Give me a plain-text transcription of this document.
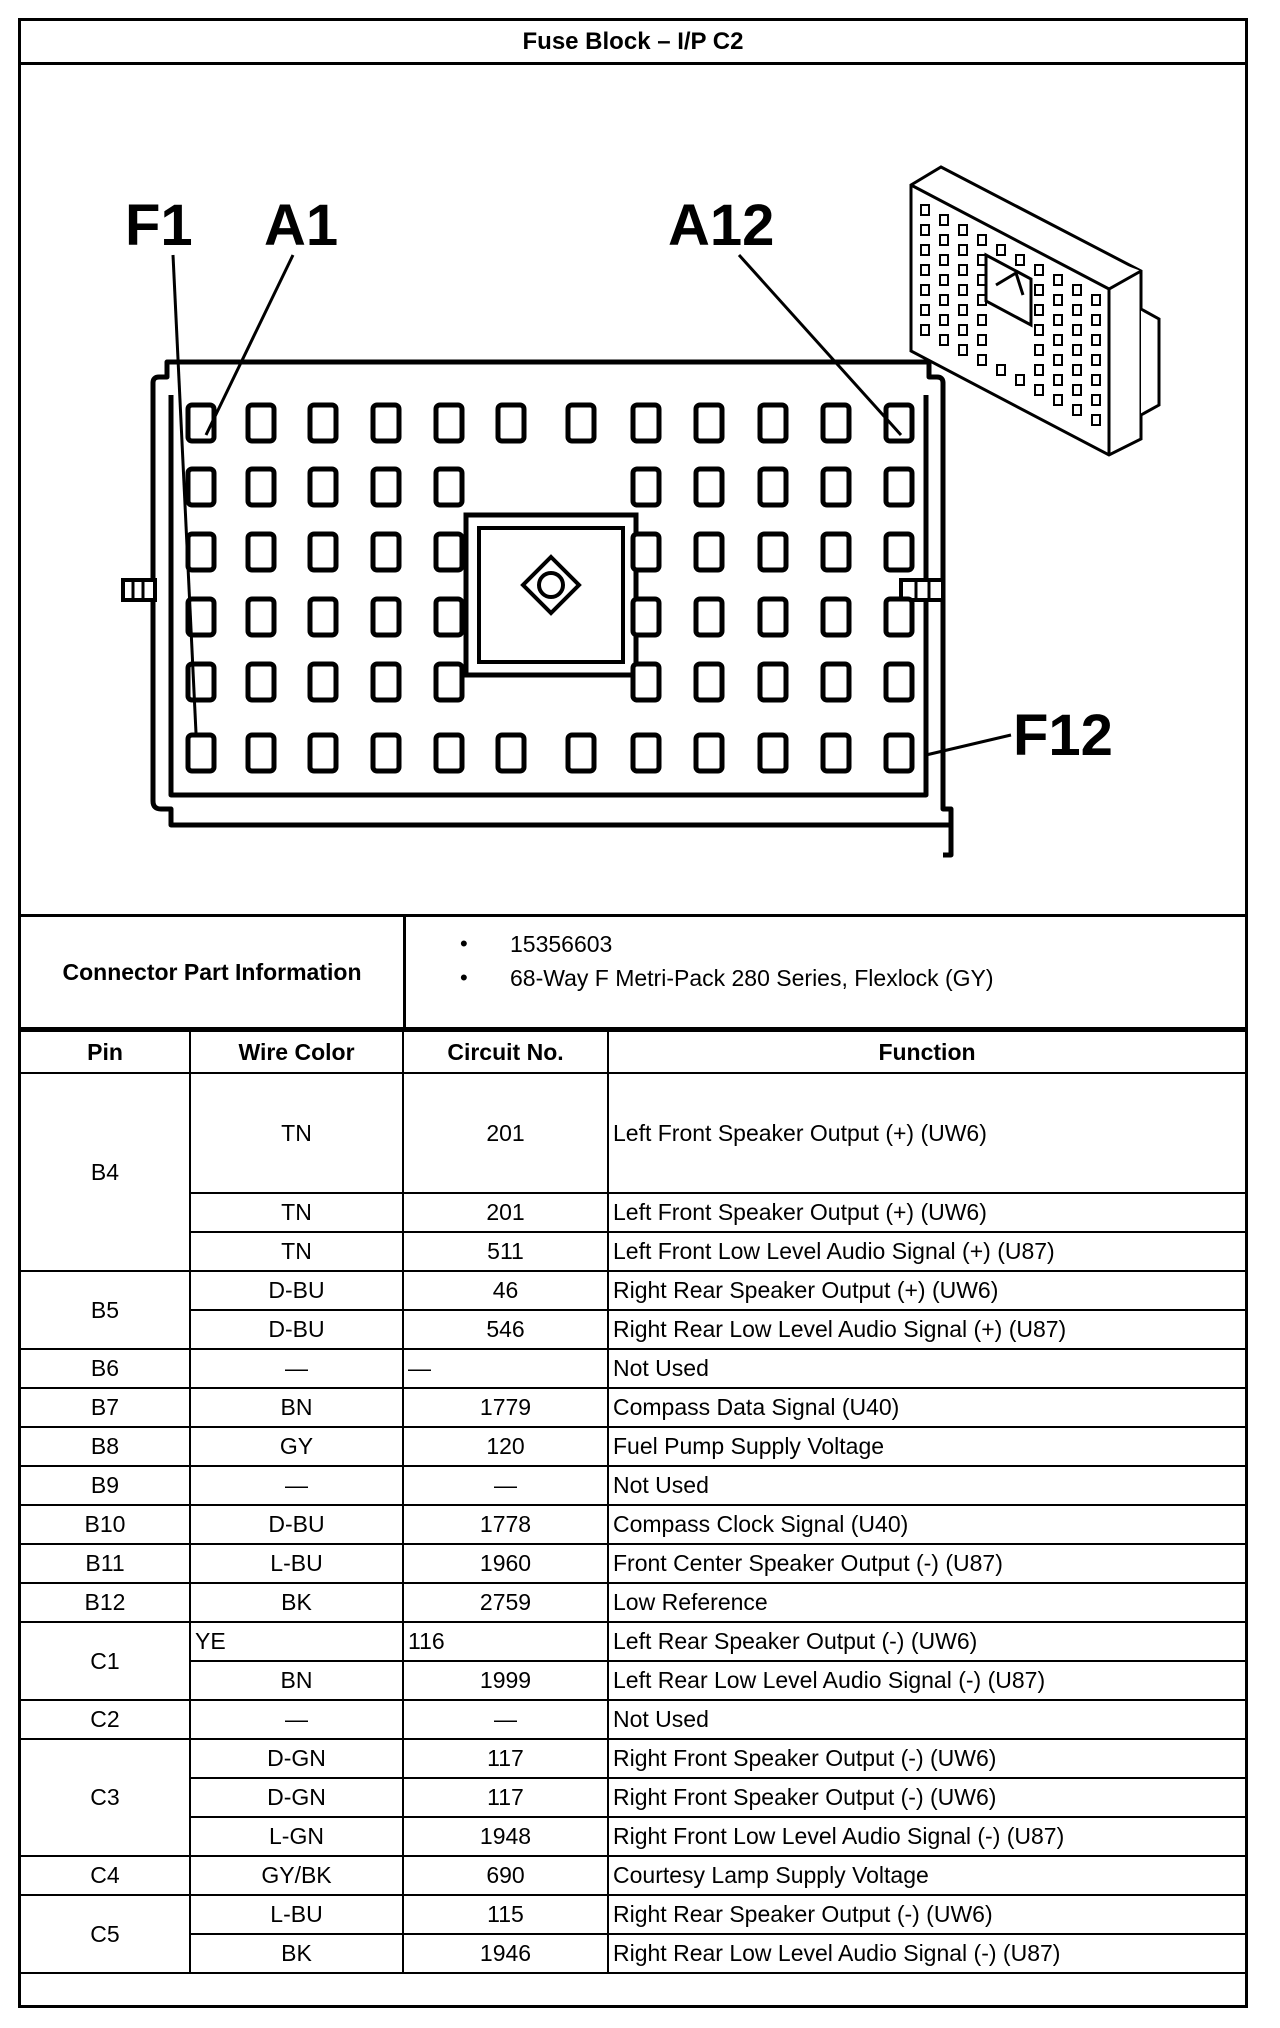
Fuse Block – I/P C2
F1 A1	A12
F12
Connector Part Information
• 15356603
• 68-Way F Metri-Pack 280 Series, Flexlock (GY)
Pin	Wire Color	Circuit No.	Function
B4	TN	201	Left Front Speaker Output (+) (UW6)
	TN	201	Left Front Speaker Output (+) (UW6)
	TN	511	Left Front Low Level Audio Signal (+) (U87)
B5	D-BU	46	Right Rear Speaker Output (+) (UW6)
	D-BU	546	Right Rear Low Level Audio Signal (+) (U87)
B6	—	—	Not Used
B7	BN	1779	Compass Data Signal (U40)
B8	GY	120	Fuel Pump Supply Voltage
B9	—	—	Not Used
B10	D-BU	1778	Compass Clock Signal (U40)
B11	L-BU	1960	Front Center Speaker Output (-) (U87)
B12	BK	2759	Low Reference
C1	YE	116	Left Rear Speaker Output (-) (UW6)
	BN	1999	Left Rear Low Level Audio Signal (-) (U87)
C2	—	—	Not Used
C3	D-GN	117	Right Front Speaker Output (-) (UW6)
	D-GN	117	Right Front Speaker Output (-) (UW6)
	L-GN	1948	Right Front Low Level Audio Signal (-) (U87)
C4	GY/BK	690	Courtesy Lamp Supply Voltage
C5	L-BU	115	Right Rear Speaker Output (-) (UW6)
	BK	1946	Right Rear Low Level Audio Signal (-) (U87)
